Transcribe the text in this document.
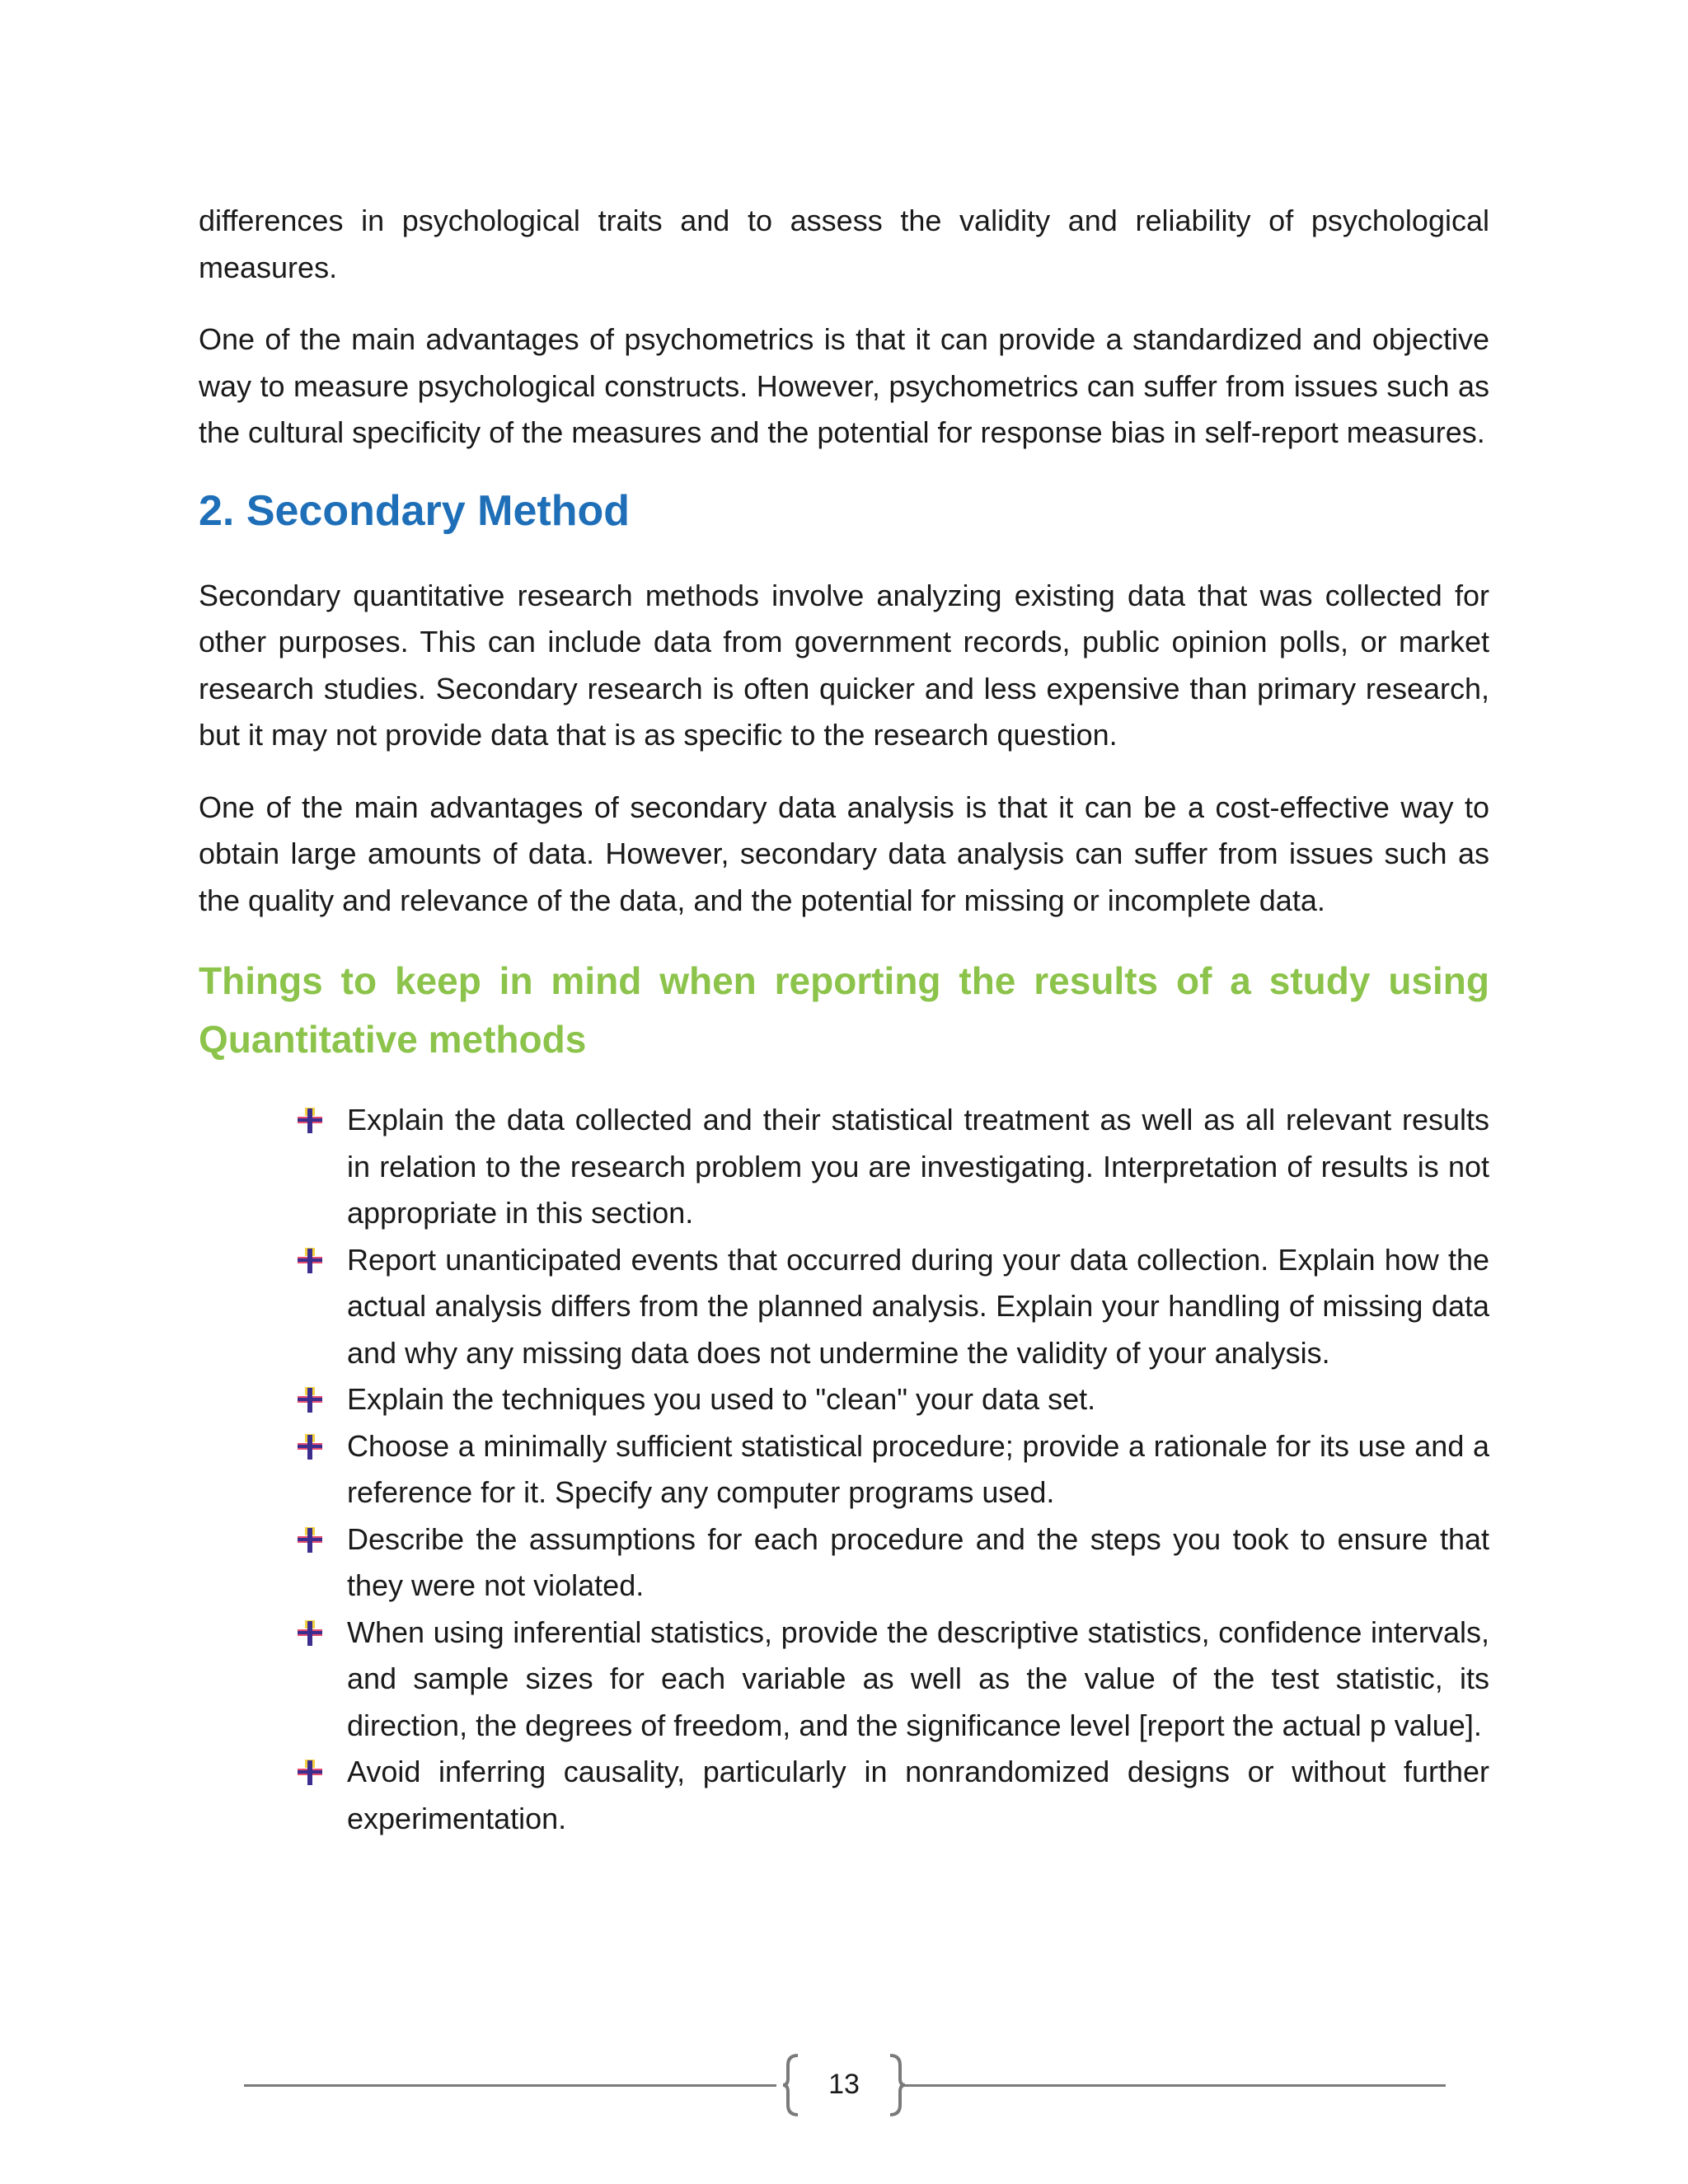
differences in psychological traits and to assess the validity and reliability of psychological measures.

One of the main advantages of psychometrics is that it can provide a standardized and objective way to measure psychological constructs. However, psychometrics can suffer from issues such as the cultural specificity of the measures and the potential for response bias in self-report measures.

2. Secondary Method

Secondary quantitative research methods involve analyzing existing data that was collected for other purposes. This can include data from government records, public opinion polls, or market research studies. Secondary research is often quicker and less expensive than primary research, but it may not provide data that is as specific to the research question.

One of the main advantages of secondary data analysis is that it can be a cost-effective way to obtain large amounts of data. However, secondary data analysis can suffer from issues such as the quality and relevance of the data, and the potential for missing or incomplete data.

Things to keep in mind when reporting the results of a study using Quantitative methods
Explain the data collected and their statistical treatment as well as all relevant results in relation to the research problem you are investigating. Interpretation of results is not appropriate in this section.
Report unanticipated events that occurred during your data collection. Explain how the actual analysis differs from the planned analysis. Explain your handling of missing data and why any missing data does not undermine the validity of your analysis.
Explain the techniques you used to "clean" your data set.
Choose a minimally sufficient statistical procedure; provide a rationale for its use and a reference for it. Specify any computer programs used.
Describe the assumptions for each procedure and the steps you took to ensure that they were not violated.
When using inferential statistics, provide the descriptive statistics, confidence intervals, and sample sizes for each variable as well as the value of the test statistic, its direction, the degrees of freedom, and the significance level [report the actual p value].
Avoid inferring causality, particularly in nonrandomized designs or without further experimentation.
13
